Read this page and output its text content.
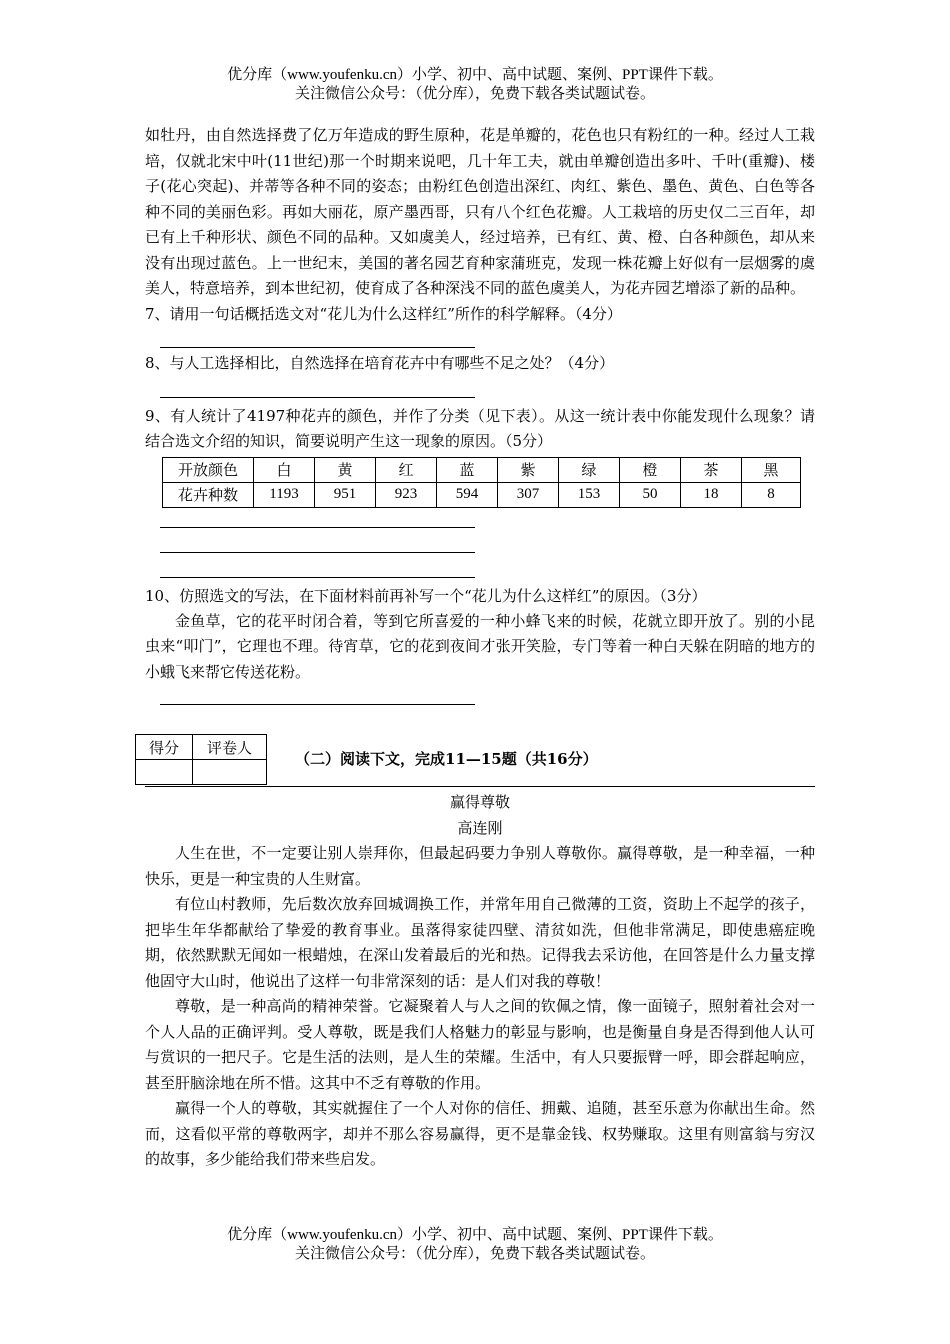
优分库（www.youfenku.cn）小学、初中、高中试题、案例、PPT课件下载。
关注微信公众号：（优分库），免费下载各类试题试卷。

如牡丹，由自然选择费了亿万年造成的野生原种，花是单瓣的，花色也只有粉红的一种。经过人工栽培，仅就北宋中叶(11世纪)那一个时期来说吧，几十年工夫，就由单瓣创造出多叶、千叶(重瓣)、楼子(花心突起)、并蒂等各种不同的姿态；由粉红色创造出深红、肉红、紫色、墨色、黄色、白色等各种不同的美丽色彩。再如大丽花，原产墨西哥，只有八个红色花瓣。人工栽培的历史仅二三百年，却已有上千种形状、颜色不同的品种。又如虞美人，经过培养，已有红、黄、橙、白各种颜色，却从来没有出现过蓝色。上一世纪末，美国的著名园艺育种家蒲班克，发现一株花瓣上好似有一层烟雾的虞美人，特意培养，到本世纪初，使育成了各种深浅不同的蓝色虞美人，为花卉园艺增添了新的品种。

7、请用一句话概括选文对“花儿为什么这样红”所作的科学解释。（4分）

8、与人工选择相比，自然选择在培育花卉中有哪些不足之处？（4分）

9、有人统计了4197种花卉的颜色，并作了分类（见下表）。从这一统计表中你能发现什么现象？请结合选文介绍的知识，简要说明产生这一现象的原因。（5分）

开放颜色	白	黄	红	蓝	紫	绿	橙	茶	黑
花卉种数	1193	951	923	594	307	153	50	18	8

10、仿照选文的写法，在下面材料前再补写一个“花儿为什么这样红”的原因。（3分）

金鱼草，它的花平时闭合着，等到它所喜爱的一种小蜂飞来的时候，花就立即开放了。别的小昆虫来“叩门”，它理也不理。待宵草，它的花到夜间才张开笑脸，专门等着一种白天躲在阴暗的地方的小蛾飞来帮它传送花粉。

得分	评卷人

（二）阅读下文，完成11—15题（共16分）

赢得尊敬

高连刚

人生在世，不一定要让别人崇拜你，但最起码要力争别人尊敬你。赢得尊敬，是一种幸福，一种快乐，更是一种宝贵的人生财富。

有位山村教师，先后数次放弃回城调换工作，并常年用自己微薄的工资，资助上不起学的孩子，把毕生年华都献给了挚爱的教育事业。虽落得家徒四壁、清贫如洗，但他非常满足，即使患癌症晚期，依然默默无闻如一根蜡烛，在深山发着最后的光和热。记得我去采访他，在回答是什么力量支撑他固守大山时，他说出了这样一句非常深刻的话：是人们对我的尊敬！

尊敬，是一种高尚的精神荣誉。它凝聚着人与人之间的钦佩之情，像一面镜子，照射着社会对一个人人品的正确评判。受人尊敬，既是我们人格魅力的彰显与影响，也是衡量自身是否得到他人认可与赏识的一把尺子。它是生活的法则，是人生的荣耀。生活中，有人只要振臂一呼，即会群起响应，甚至肝脑涂地在所不惜。这其中不乏有尊敬的作用。

赢得一个人的尊敬，其实就握住了一个人对你的信任、拥戴、追随，甚至乐意为你献出生命。然而，这看似平常的尊敬两字，却并不那么容易赢得，更不是靠金钱、权势赚取。这里有则富翁与穷汉的故事，多少能给我们带来些启发。

优分库（www.youfenku.cn）小学、初中、高中试题、案例、PPT课件下载。
关注微信公众号：（优分库），免费下载各类试题试卷。
